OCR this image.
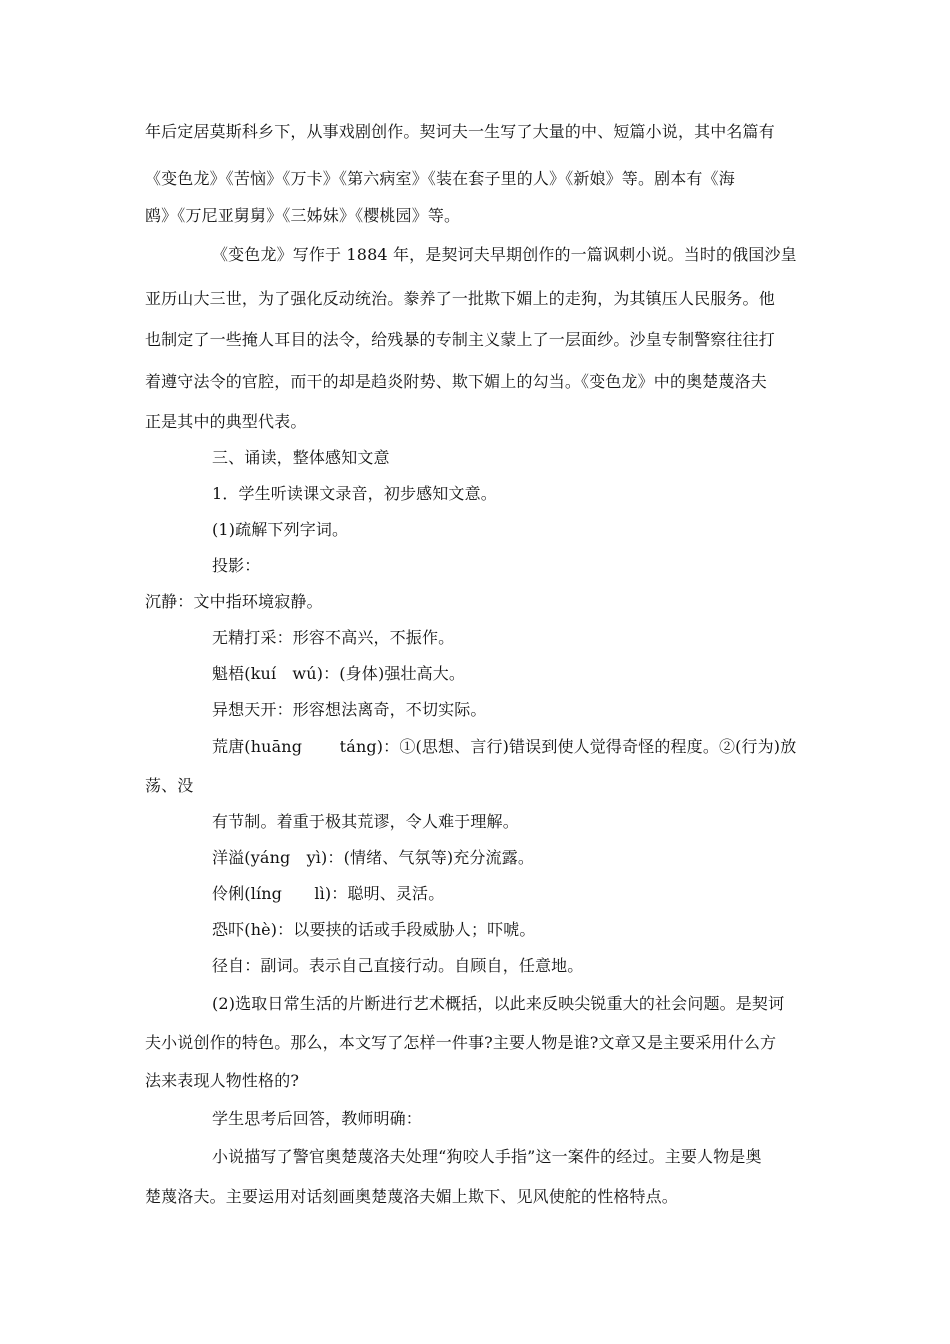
年后定居莫斯科乡下，从事戏剧创作。契诃夫一生写了大量的中、短篇小说，其中名篇有
《变色龙》《苦恼》《万卡》《第六病室》《装在套子里的人》《新娘》等。剧本有《海
鸥》《万尼亚舅舅》《三姊妹》《樱桃园》等。
《变色龙》写作于 1884 年，是契诃夫早期创作的一篇讽刺小说。当时的俄国沙皇
亚历山大三世，为了强化反动统治。豢养了一批欺下媚上的走狗，为其镇压人民服务。他
也制定了一些掩人耳目的法令，给残暴的专制主义蒙上了一层面纱。沙皇专制警察往往打
着遵守法令的官腔，而干的却是趋炎附势、欺下媚上的勾当。《变色龙》中的奥楚蔑洛夫
正是其中的典型代表。
三、诵读，整体感知文意
1．学生听读课文录音，初步感知文意。
(1)疏解下列字词。
投影：
沉静：文中指环境寂静。
无精打采：形容不高兴，不振作。
魁梧(kuí　wú)：(身体)强壮高大。
异想天开：形容想法离奇，不切实际。
荒唐(huāng　　 táng)：①(思想、言行)错误到使人觉得奇怪的程度。②(行为)放
荡、没
有节制。着重于极其荒谬，令人难于理解。
洋溢(yáng　yì)：(情绪、气氛等)充分流露。
伶俐(líng　　lì)：聪明、灵活。
恐吓(hè)：以要挟的话或手段威胁人；吓唬。
径自：副词。表示自己直接行动。自顾自，任意地。
(2)选取日常生活的片断进行艺术概括，以此来反映尖锐重大的社会问题。是契诃
夫小说创作的特色。那么，本文写了怎样一件事?主要人物是谁?文章又是主要采用什么方
法来表现人物性格的?
学生思考后回答，教师明确：
小说描写了警官奥楚蔑洛夫处理“狗咬人手指”这一案件的经过。主要人物是奥
楚蔑洛夫。主要运用对话刻画奥楚蔑洛夫媚上欺下、见风使舵的性格特点。
